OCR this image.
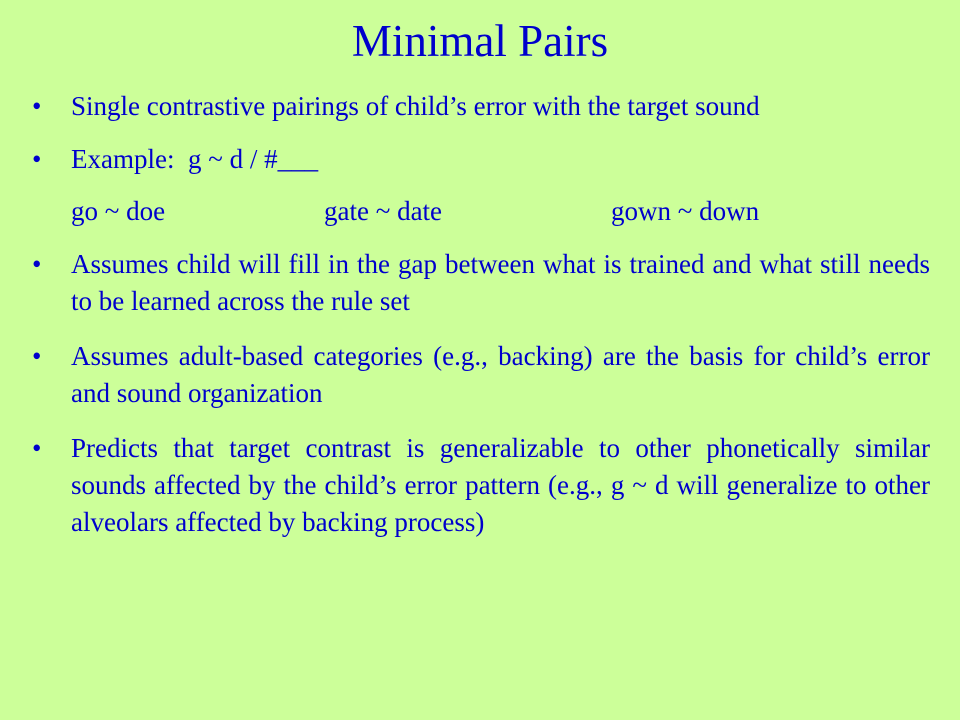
Minimal Pairs
• Single contrastive pairings of child’s error with the target sound
• Example:  g ~ d / #___
go ~ doe	gate ~ date	gown ~ down
• Assumes child will fill in the gap between what is trained and what still needs to be learned across the rule set
• Assumes adult-based categories (e.g., backing) are the basis for child’s error and sound organization
• Predicts that target contrast is generalizable to other phonetically similar sounds affected by the child’s error pattern (e.g., g ~ d will generalize to other alveolars affected by backing process)
